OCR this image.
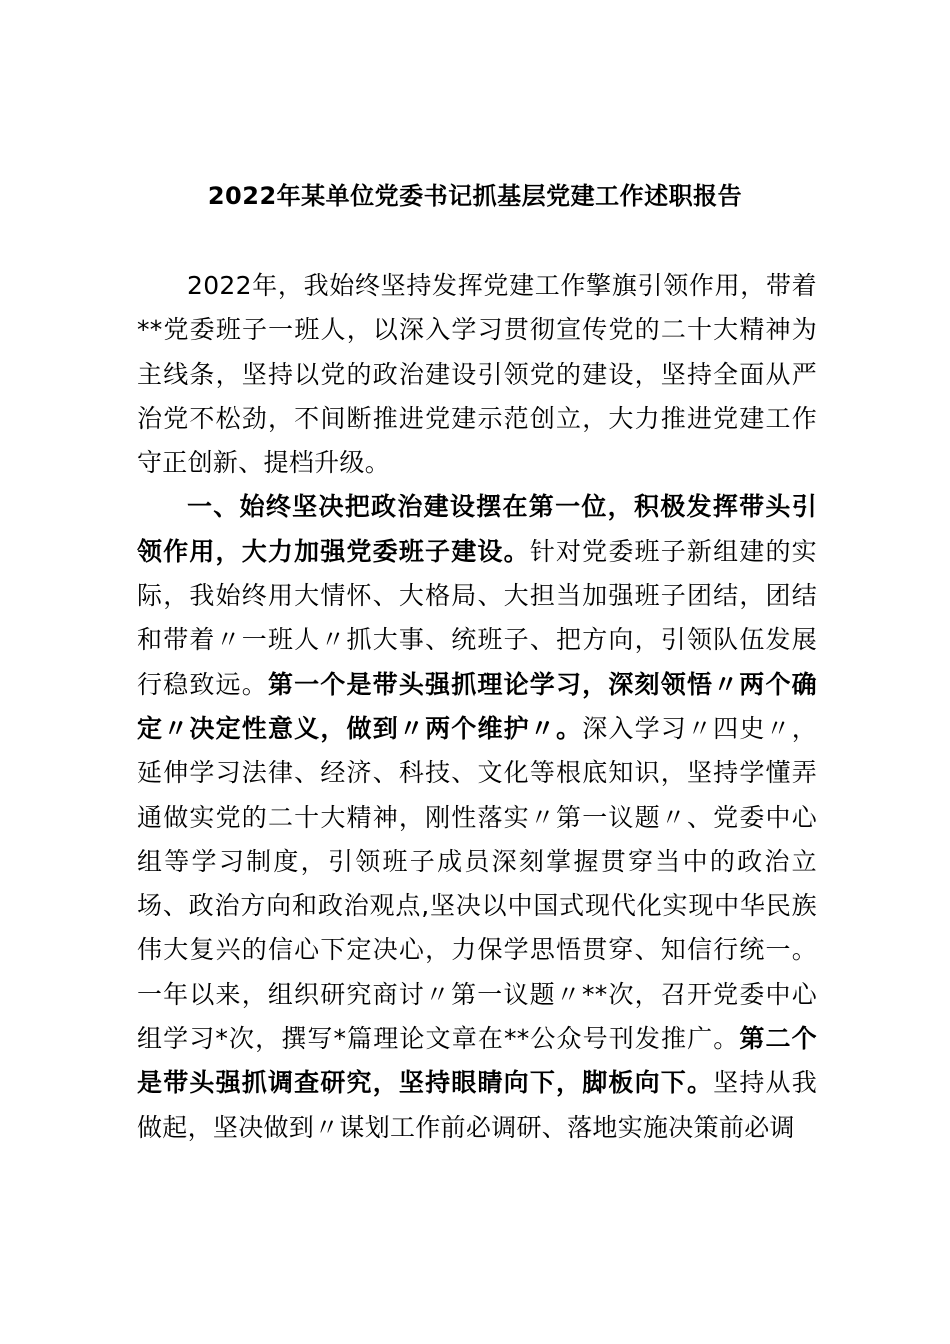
2022年某单位党委书记抓基层党建工作述职报告

2022年，我始终坚持发挥党建工作擎旗引领作用，带着**党委班子一班人，以深入学习贯彻宣传党的二十大精神为主线条，坚持以党的政治建设引领党的建设，坚持全面从严治党不松劲，不间断推进党建示范创立，大力推进党建工作守正创新、提档升级。

一、始终坚决把政治建设摆在第一位，积极发挥带头引领作用，大力加强党委班子建设。针对党委班子新组建的实际，我始终用大情怀、大格局、大担当加强班子团结，团结和带着〃一班人〃抓大事、统班子、把方向，引领队伍发展行稳致远。第一个是带头强抓理论学习，深刻领悟〃两个确定〃决定性意义，做到〃两个维护〃。深入学习〃四史〃，延伸学习法律、经济、科技、文化等根底知识，坚持学懂弄通做实党的二十大精神，刚性落实〃第一议题〃、党委中心组等学习制度，引领班子成员深刻掌握贯穿当中的政治立场、政治方向和政治观点,坚决以中国式现代化实现中华民族伟大复兴的信心下定决心，力保学思悟贯穿、知信行统一。一年以来，组织研究商讨〃第一议题〃**次，召开党委中心组学习*次，撰写*篇理论文章在**公众号刊发推广。第二个是带头强抓调查研究，坚持眼睛向下，脚板向下。坚持从我做起，坚决做到〃谋划工作前必调研、落地实施决策前必调
